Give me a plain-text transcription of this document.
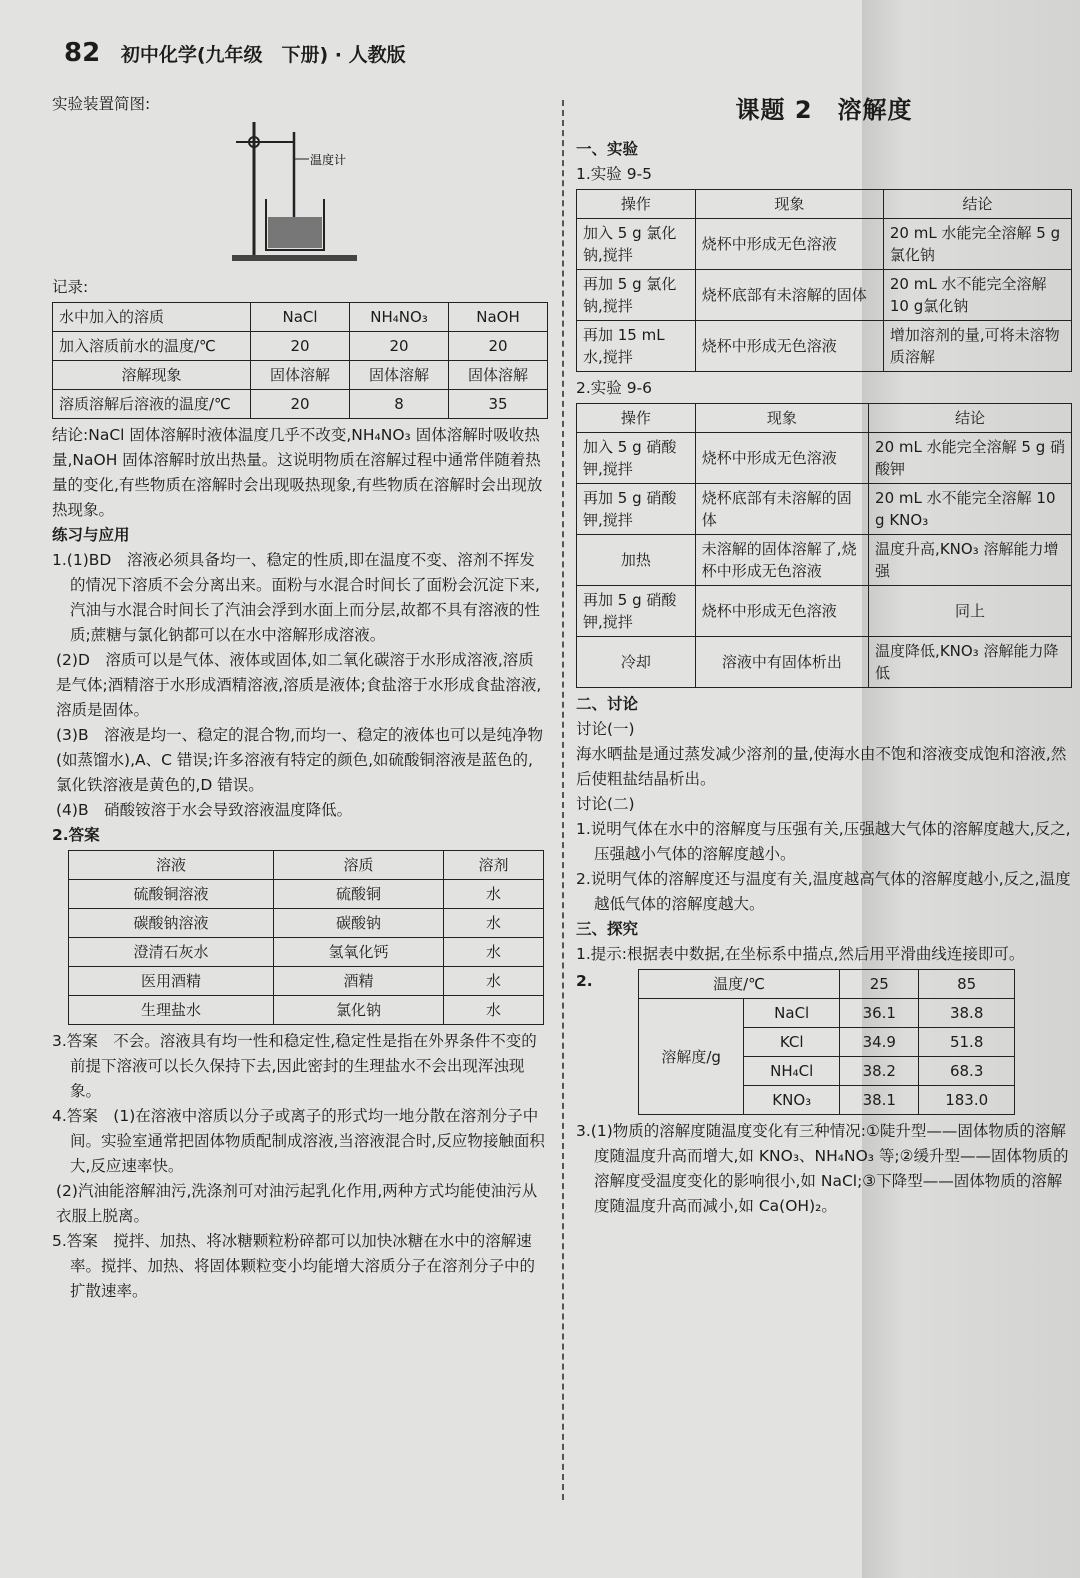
82 初中化学(九年级　下册) · 人教版

实验装置简图:

温度计

记录:

水中加入的溶质	NaCl	NH₄NO₃	NaOH
加入溶质前水的温度/℃	20	20	20
溶解现象	固体溶解	固体溶解	固体溶解
溶质溶解后溶液的温度/℃	20	8	35

结论:NaCl 固体溶解时液体温度几乎不改变,NH₄NO₃ 固体溶解时吸收热量,NaOH 固体溶解时放出热量。这说明物质在溶解过程中通常伴随着热量的变化,有些物质在溶解时会出现吸热现象,有些物质在溶解时会出现放热现象。

练习与应用

1.(1)BD　溶液必须具备均一、稳定的性质,即在温度不变、溶剂不挥发的情况下溶质不会分离出来。面粉与水混合时间长了面粉会沉淀下来,汽油与水混合时间长了汽油会浮到水面上而分层,故都不具有溶液的性质;蔗糖与氯化钠都可以在水中溶解形成溶液。

(2)D　溶质可以是气体、液体或固体,如二氧化碳溶于水形成溶液,溶质是气体;酒精溶于水形成酒精溶液,溶质是液体;食盐溶于水形成食盐溶液,溶质是固体。

(3)B　溶液是均一、稳定的混合物,而均一、稳定的液体也可以是纯净物(如蒸馏水),A、C 错误;许多溶液有特定的颜色,如硫酸铜溶液是蓝色的,氯化铁溶液是黄色的,D 错误。

(4)B　硝酸铵溶于水会导致溶液温度降低。

2.答案

溶液	溶质	溶剂
硫酸铜溶液	硫酸铜	水
碳酸钠溶液	碳酸钠	水
澄清石灰水	氢氧化钙	水
医用酒精	酒精	水
生理盐水	氯化钠	水

3.答案　不会。溶液具有均一性和稳定性,稳定性是指在外界条件不变的前提下溶液可以长久保持下去,因此密封的生理盐水不会出现浑浊现象。

4.答案　(1)在溶液中溶质以分子或离子的形式均一地分散在溶剂分子中间。实验室通常把固体物质配制成溶液,当溶液混合时,反应物接触面积大,反应速率快。

(2)汽油能溶解油污,洗涤剂可对油污起乳化作用,两种方式均能使油污从衣服上脱离。

5.答案　搅拌、加热、将冰糖颗粒粉碎都可以加快冰糖在水中的溶解速率。搅拌、加热、将固体颗粒变小均能增大溶质分子在溶剂分子中的扩散速率。

课题 2　溶解度

一、实验

1.实验 9-5

操作	现象	结论
加入 5 g 氯化钠,搅拌	烧杯中形成无色溶液	20 mL 水能完全溶解 5 g氯化钠
再加 5 g 氯化钠,搅拌	烧杯底部有未溶解的固体	20 mL 水不能完全溶解 10 g氯化钠
再加 15 mL 水,搅拌	烧杯中形成无色溶液	增加溶剂的量,可将未溶物质溶解

2.实验 9-6

操作	现象	结论
加入 5 g 硝酸钾,搅拌	烧杯中形成无色溶液	20 mL 水能完全溶解 5 g 硝酸钾
再加 5 g 硝酸钾,搅拌	烧杯底部有未溶解的固体	20 mL 水不能完全溶解 10 g KNO₃
加热	未溶解的固体溶解了,烧杯中形成无色溶液	温度升高,KNO₃ 溶解能力增强
再加 5 g 硝酸钾,搅拌	烧杯中形成无色溶液	同上
冷却	溶液中有固体析出	温度降低,KNO₃ 溶解能力降低

二、讨论

讨论(一)

海水晒盐是通过蒸发减少溶剂的量,使海水由不饱和溶液变成饱和溶液,然后使粗盐结晶析出。

讨论(二)

1.说明气体在水中的溶解度与压强有关,压强越大气体的溶解度越大,反之,压强越小气体的溶解度越小。

2.说明气体的溶解度还与温度有关,温度越高气体的溶解度越小,反之,温度越低气体的溶解度越大。

三、探究

1.提示:根据表中数据,在坐标系中描点,然后用平滑曲线连接即可。

2.	温度/℃		25	85
溶解度/g	NaCl	36.1	38.8
	KCl	34.9	51.8
	NH₄Cl	38.2	68.3
	KNO₃	38.1	183.0

3.(1)物质的溶解度随温度变化有三种情况:①陡升型——固体物质的溶解度随温度升高而增大,如 KNO₃、NH₄NO₃ 等;②缓升型——固体物质的溶解度受温度变化的影响很小,如 NaCl;③下降型——固体物质的溶解度随温度升高而减小,如 Ca(OH)₂。
